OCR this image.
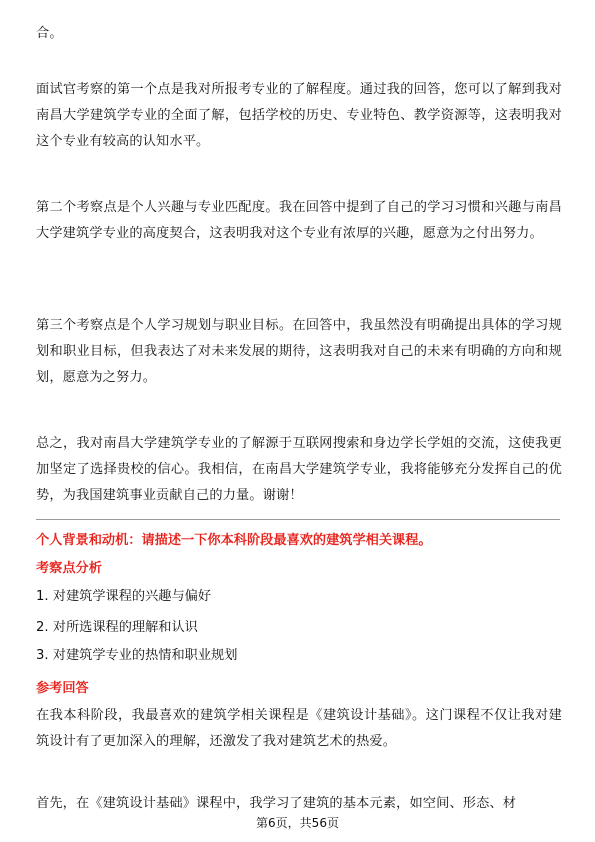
合。

面试官考察的第一个点是我对所报考专业的了解程度。通过我的回答，您可以了解到我对南昌大学建筑学专业的全面了解，包括学校的历史、专业特色、教学资源等，这表明我对这个专业有较高的认知水平。

第二个考察点是个人兴趣与专业匹配度。我在回答中提到了自己的学习习惯和兴趣与南昌大学建筑学专业的高度契合，这表明我对这个专业有浓厚的兴趣，愿意为之付出努力。

第三个考察点是个人学习规划与职业目标。在回答中，我虽然没有明确提出具体的学习规划和职业目标，但我表达了对未来发展的期待，这表明我对自己的未来有明确的方向和规划，愿意为之努力。

总之，我对南昌大学建筑学专业的了解源于互联网搜索和身边学长学姐的交流，这使我更加坚定了选择贵校的信心。我相信，在南昌大学建筑学专业，我将能够充分发挥自己的优势，为我国建筑事业贡献自己的力量。谢谢！

个人背景和动机：请描述一下你本科阶段最喜欢的建筑学相关课程。

考察点分析

1. 对建筑学课程的兴趣与偏好

2. 对所选课程的理解和认识

3. 对建筑学专业的热情和职业规划

参考回答

在我本科阶段，我最喜欢的建筑学相关课程是《建筑设计基础》。这门课程不仅让我对建筑设计有了更加深入的理解，还激发了我对建筑艺术的热爱。

首先，在《建筑设计基础》课程中，我学习了建筑的基本元素，如空间、形态、材

第6页，共56页
